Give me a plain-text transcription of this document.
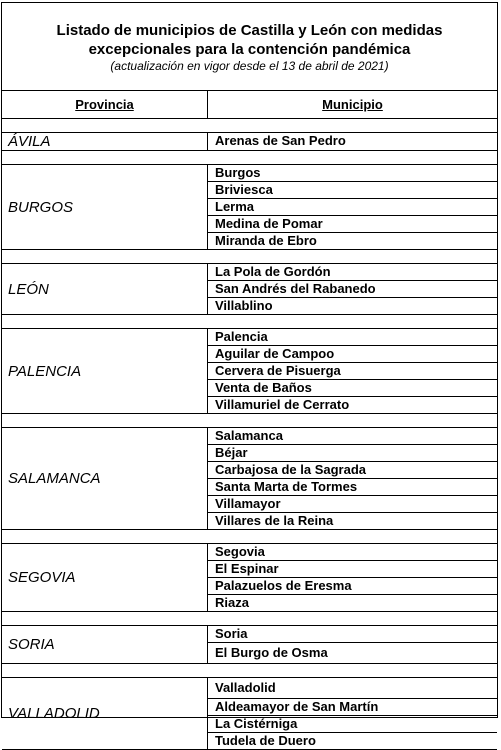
Listado de municipios de Castilla y León con medidas

excepcionales para la contención pandémica

(actualización en vigor desde el 13 de abril de 2021)

Provincia	Municipio
ÁVILA	Arenas de San Pedro
BURGOS
Burgos
Briviesca
Lerma
Medina de Pomar
Miranda de Ebro
LEÓN
La Pola de Gordón
San Andrés del Rabanedo
Villablino
PALENCIA
Palencia
Aguilar de Campoo
Cervera de Pisuerga
Venta de Baños
Villamuriel de Cerrato
SALAMANCA
Salamanca
Béjar
Carbajosa de la Sagrada
Santa Marta de Tormes
Villamayor
Villares de la Reina
SEGOVIA
Segovia
El Espinar
Palazuelos de Eresma
Riaza
SORIA
Soria
El Burgo de Osma
VALLADOLID
Valladolid
Aldeamayor de San Martín
La Cistérniga
Tudela de Duero
